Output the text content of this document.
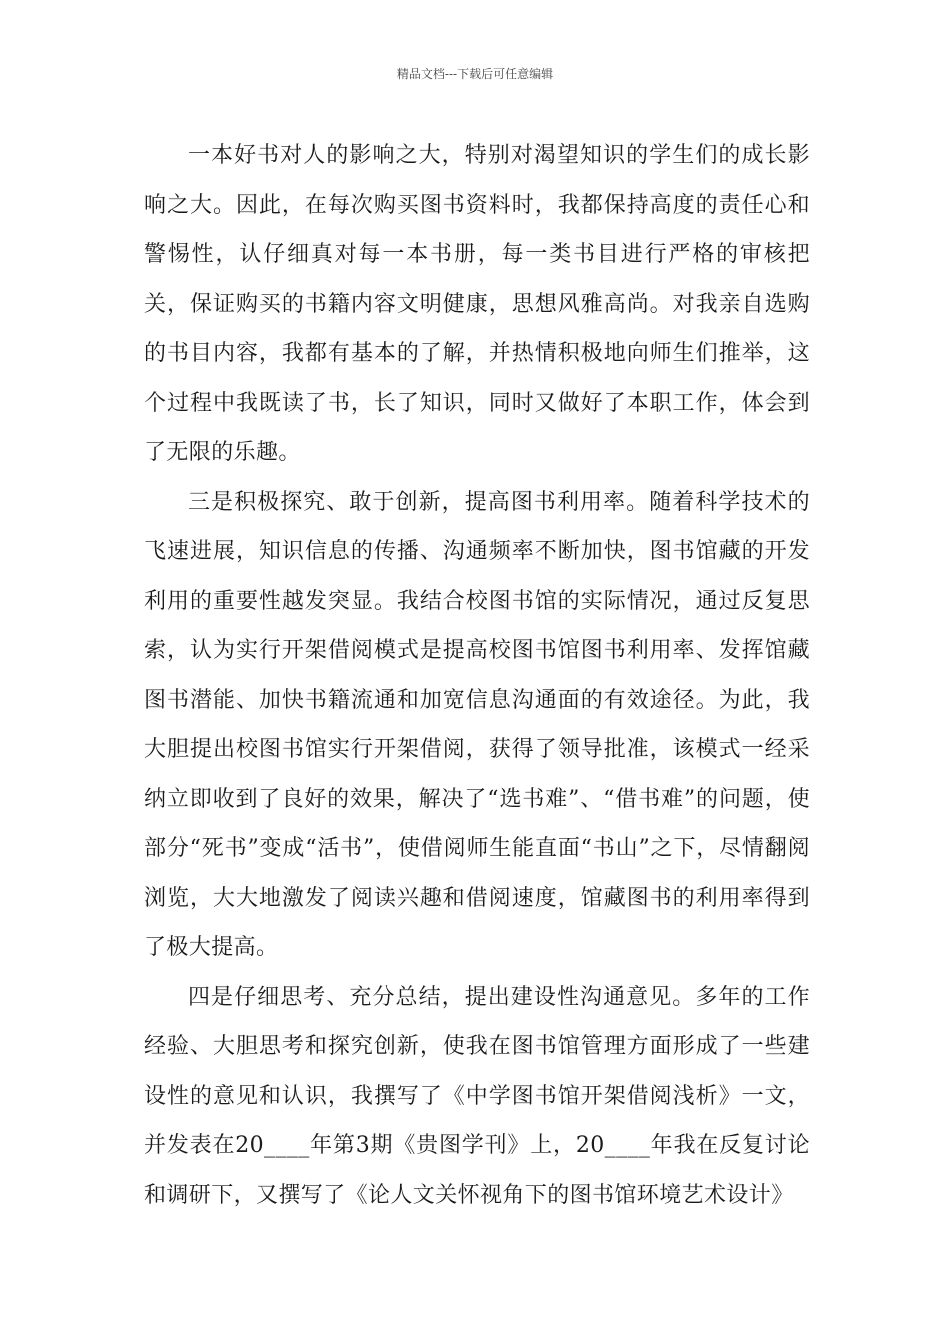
精品文档---下载后可任意编辑

一本好书对人的影响之大，特别对渴望知识的学生们的成长影响之大。因此，在每次购买图书资料时，我都保持高度的责任心和警惕性，认仔细真对每一本书册，每一类书目进行严格的审核把关，保证购买的书籍内容文明健康，思想风雅高尚。对我亲自选购的书目内容，我都有基本的了解，并热情积极地向师生们推举，这个过程中我既读了书，长了知识，同时又做好了本职工作，体会到了无限的乐趣。

三是积极探究、敢于创新，提高图书利用率。随着科学技术的飞速进展，知识信息的传播、沟通频率不断加快，图书馆藏的开发利用的重要性越发突显。我结合校图书馆的实际情况，通过反复思索，认为实行开架借阅模式是提高校图书馆图书利用率、发挥馆藏图书潜能、加快书籍流通和加宽信息沟通面的有效途径。为此，我大胆提出校图书馆实行开架借阅，获得了领导批准，该模式一经采纳立即收到了良好的效果，解决了“选书难”、“借书难”的问题，使部分“死书”变成“活书”，使借阅师生能直面“书山”之下，尽情翻阅浏览，大大地激发了阅读兴趣和借阅速度，馆藏图书的利用率得到了极大提高。

四是仔细思考、充分总结，提出建设性沟通意见。多年的工作经验、大胆思考和探究创新，使我在图书馆管理方面形成了一些建设性的意见和认识，我撰写了《中学图书馆开架借阅浅析》一文，并发表在20____年第3期《贵图学刊》上，20____年我在反复讨论和调研下，又撰写了《论人文关怀视角下的图书馆环境艺术设计》
